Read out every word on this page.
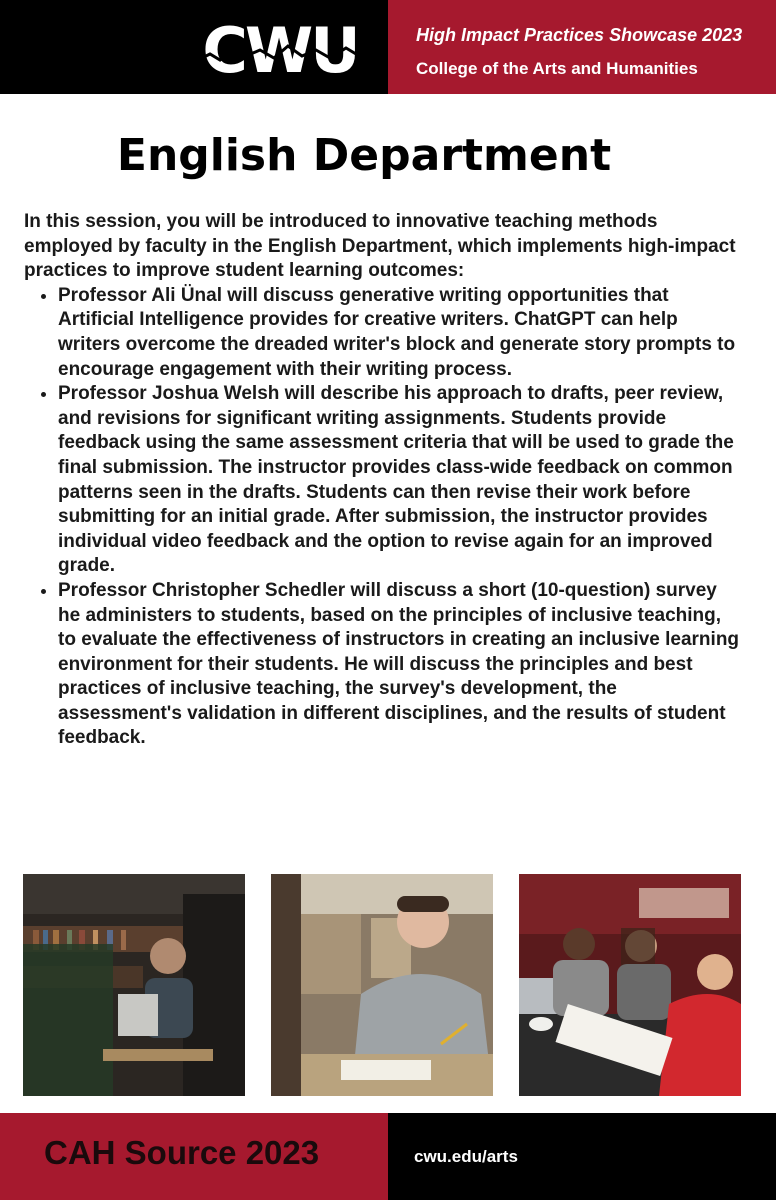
CWU	High Impact Practices Showcase 2023
College of the Arts and Humanities
English Department

In this session, you will be introduced to innovative teaching methods employed by faculty in the English Department, which implements high-impact practices to improve student learning outcomes:

• Professor Ali Ünal will discuss generative writing opportunities that Artificial Intelligence provides for creative writers. ChatGPT can help writers overcome the dreaded writer's block and generate story prompts to encourage engagement with their writing process.
• Professor Joshua Welsh will describe his approach to drafts, peer review, and revisions for significant writing assignments. Students provide feedback using the same assessment criteria that will be used to grade the final submission. The instructor provides class-wide feedback on common patterns seen in the drafts. Students can then revise their work before submitting for an initial grade. After submission, the instructor provides individual video feedback and the option to revise again for an improved grade.
• Professor Christopher Schedler will discuss a short (10-question) survey he administers to students, based on the principles of inclusive teaching, to evaluate the effectiveness of instructors in creating an inclusive learning environment for their students. He will discuss the principles and best practices of inclusive teaching, the survey's development, the assessment's validation in different disciplines, and the results of student feedback.
CAH Source 2023	cwu.edu/arts
